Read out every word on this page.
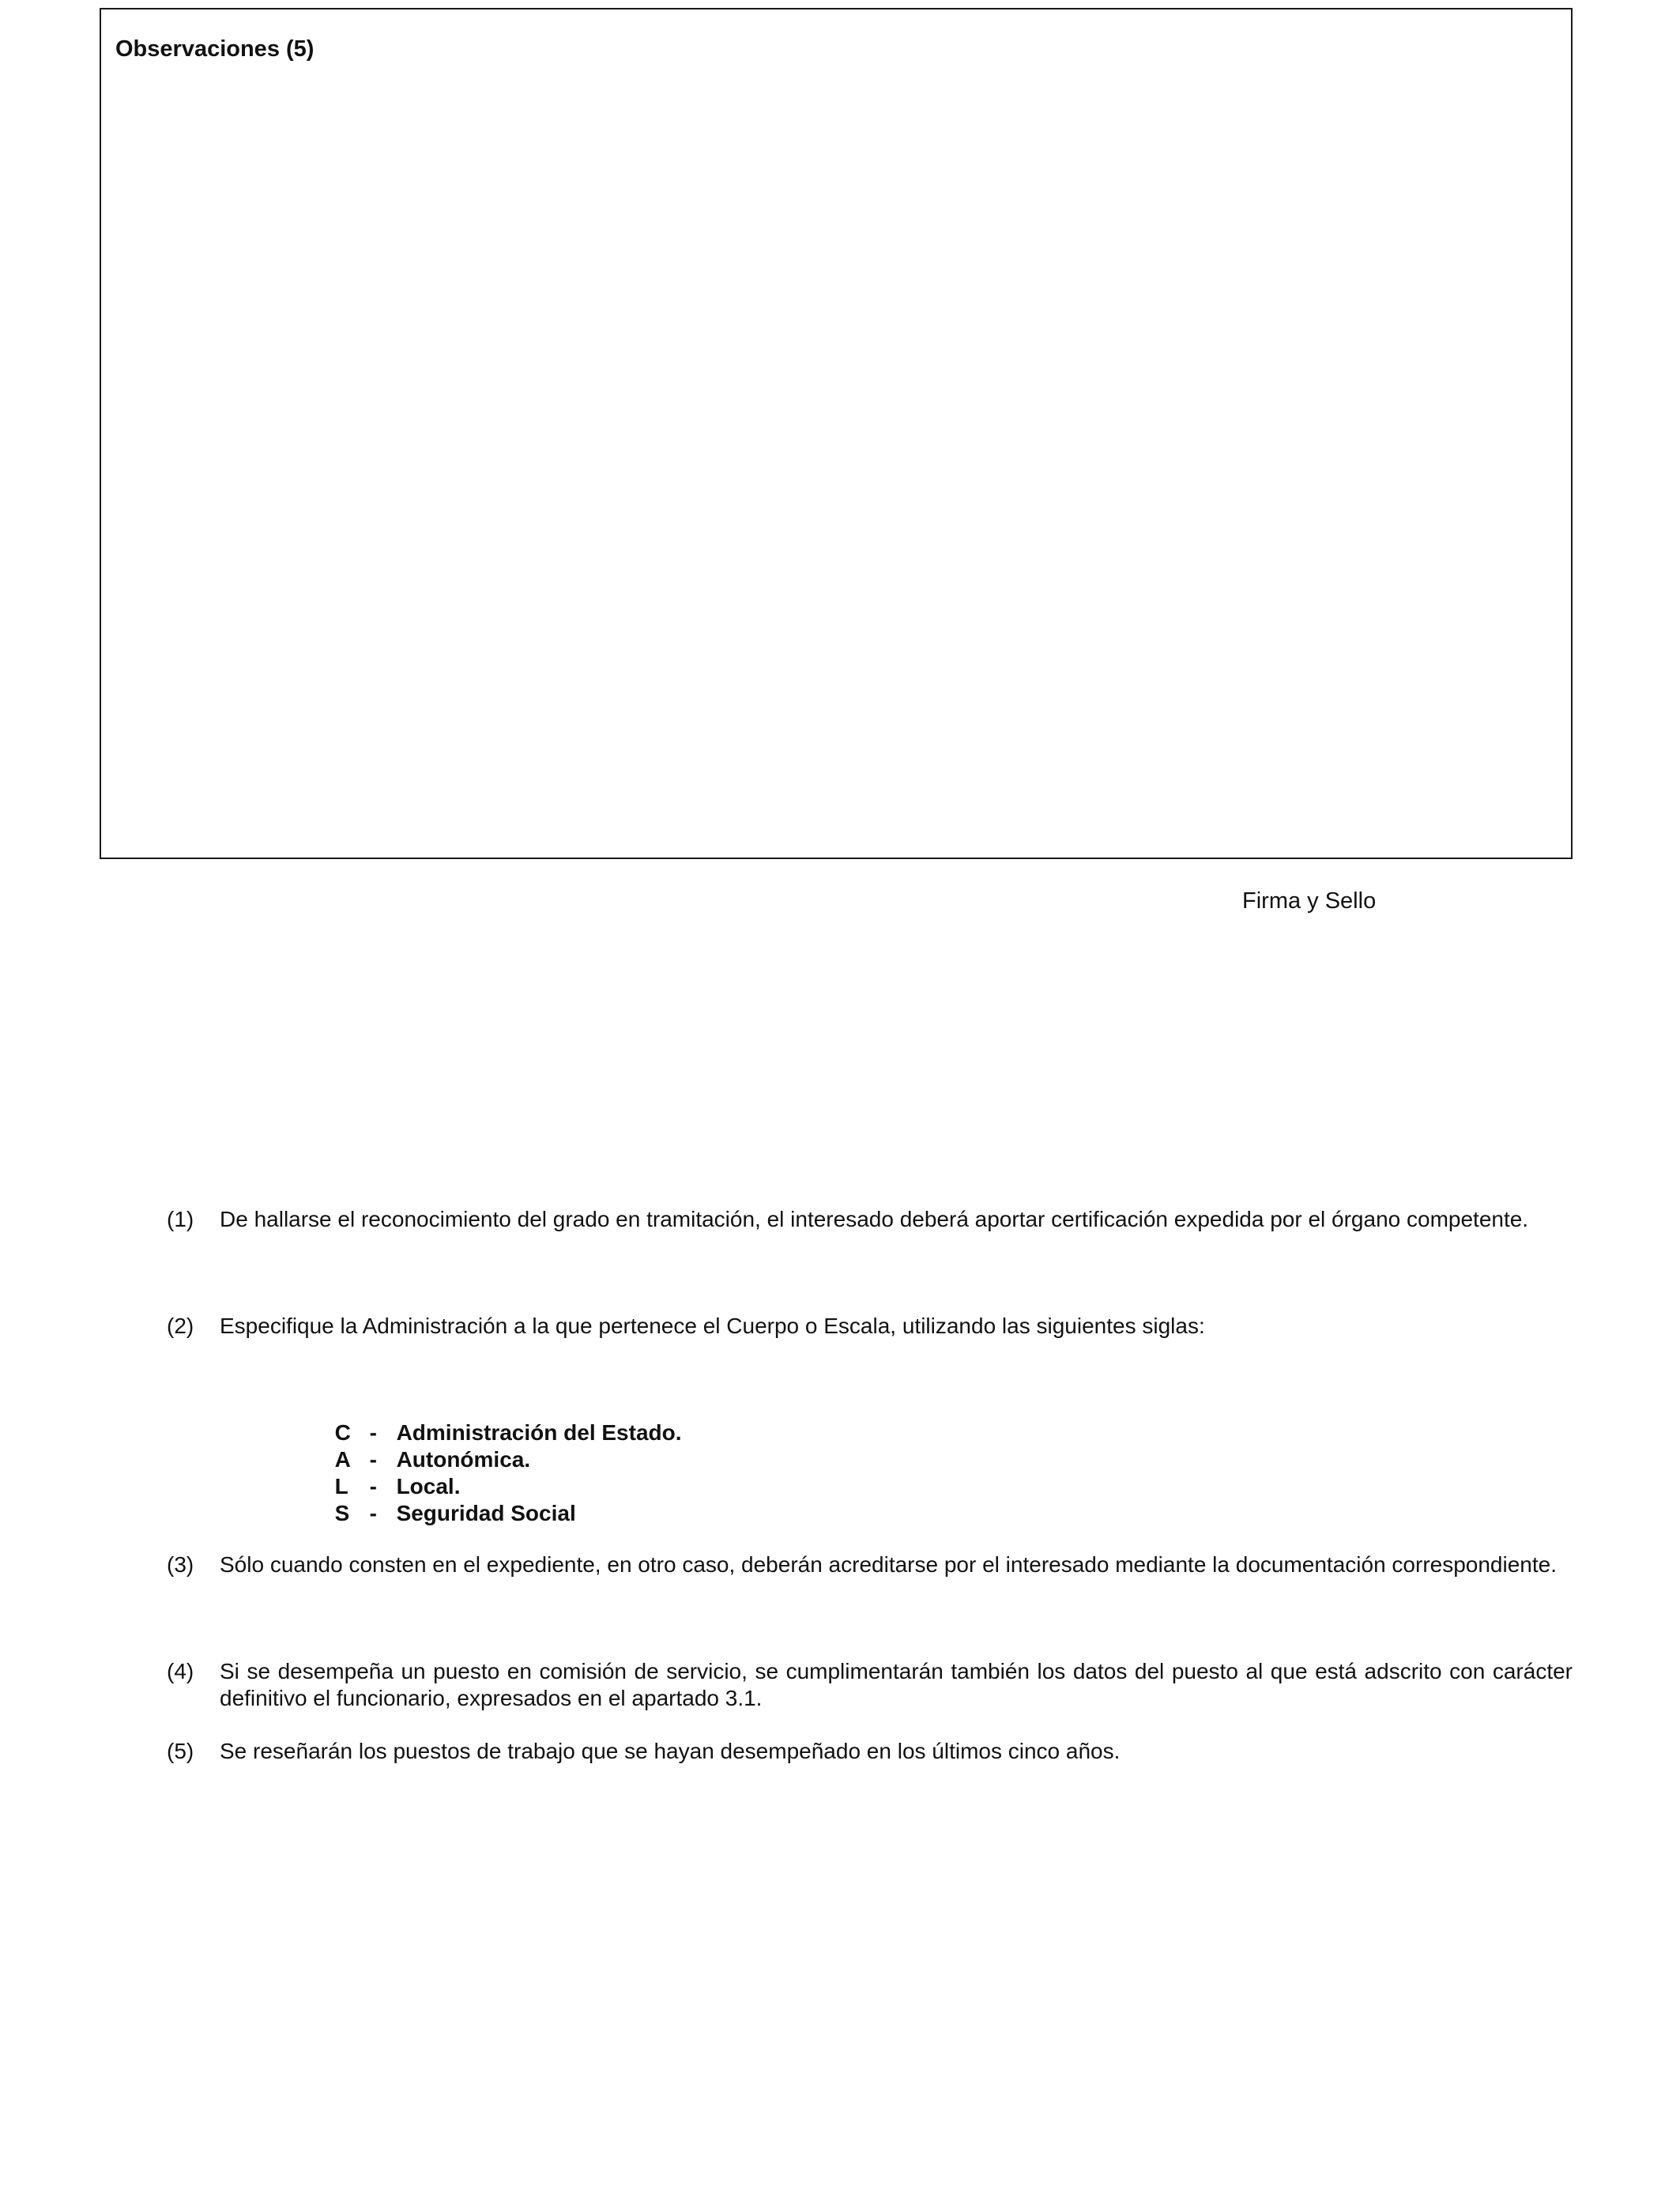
Observaciones (5)
Firma y Sello
(1)	De hallarse el reconocimiento del grado en tramitación, el interesado deberá aportar certificación expedida por el órgano competente.
(2)	Especifique la Administración a la que pertenece el Cuerpo o Escala, utilizando las siguientes siglas:

C - Administración del Estado.

A - Autonómica.

L - Local.

S - Seguridad Social

(3)	Sólo cuando consten en el expediente, en otro caso, deberán acreditarse por el interesado mediante la documentación correspondiente.
(4)	Si se desempeña un puesto en comisión de servicio, se cumplimentarán también los datos del puesto al que está adscrito con carácter definitivo el funcionario, expresados en el apartado 3.1.
(5)	Se reseñarán los puestos de trabajo que se hayan desempeñado en los últimos cinco años.
